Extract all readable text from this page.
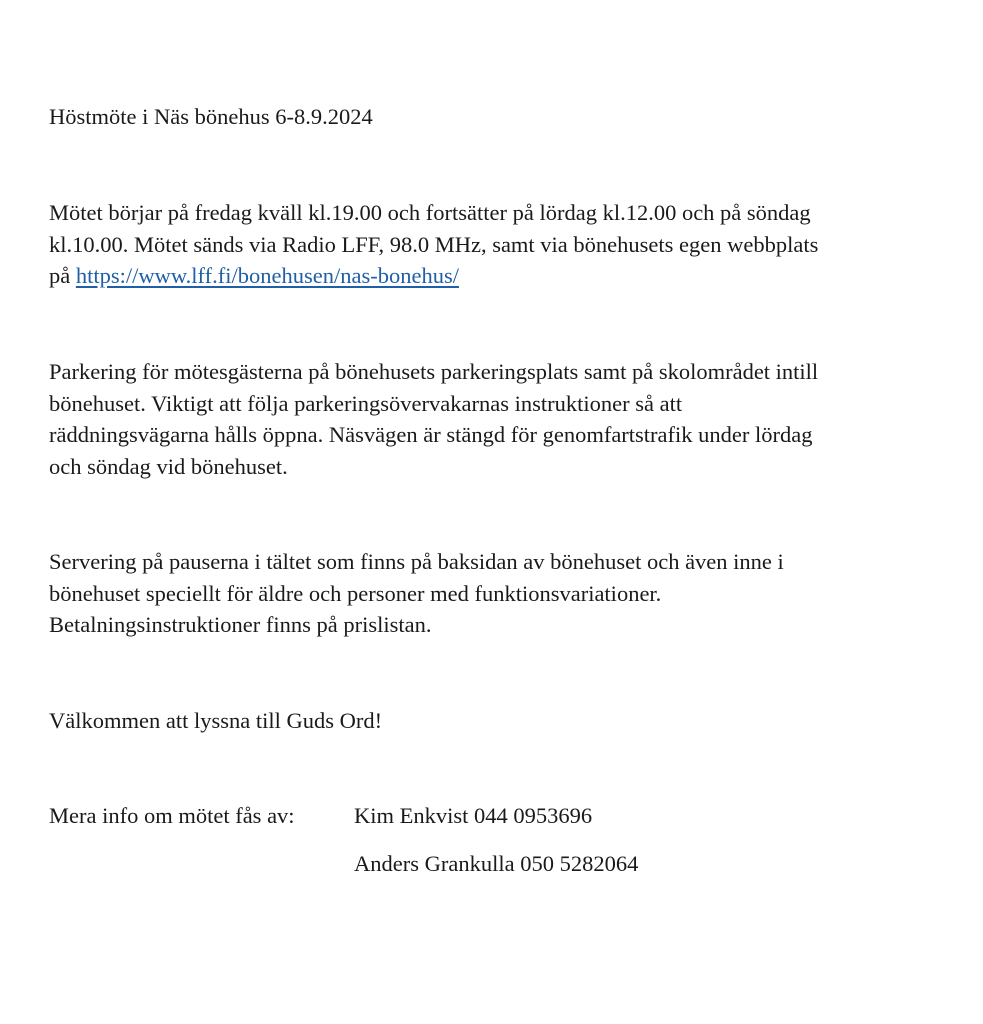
Höstmöte i Näs bönehus 6-8.9.2024

Mötet börjar på fredag kväll kl.19.00 och fortsätter på lördag kl.12.00 och på söndag

kl.10.00. Mötet sänds via Radio LFF, 98.0 MHz, samt via bönehusets egen webbplats

på https://www.lff.fi/bonehusen/nas-bonehus/

Parkering för mötesgästerna på bönehusets parkeringsplats samt på skolområdet intill

bönehuset. Viktigt att följa parkeringsövervakarnas instruktioner så att

räddningsvägarna hålls öppna. Näsvägen är stängd för genomfartstrafik under lördag

och söndag vid bönehuset.

Servering på pauserna i tältet som finns på baksidan av bönehuset och även inne i

bönehuset speciellt för äldre och personer med funktionsvariationer.

Betalningsinstruktioner finns på prislistan.

Välkommen att lyssna till Guds Ord!

Mera info om mötet fås av:	Kim Enkvist 044 0953696

Anders Grankulla 050 5282064
